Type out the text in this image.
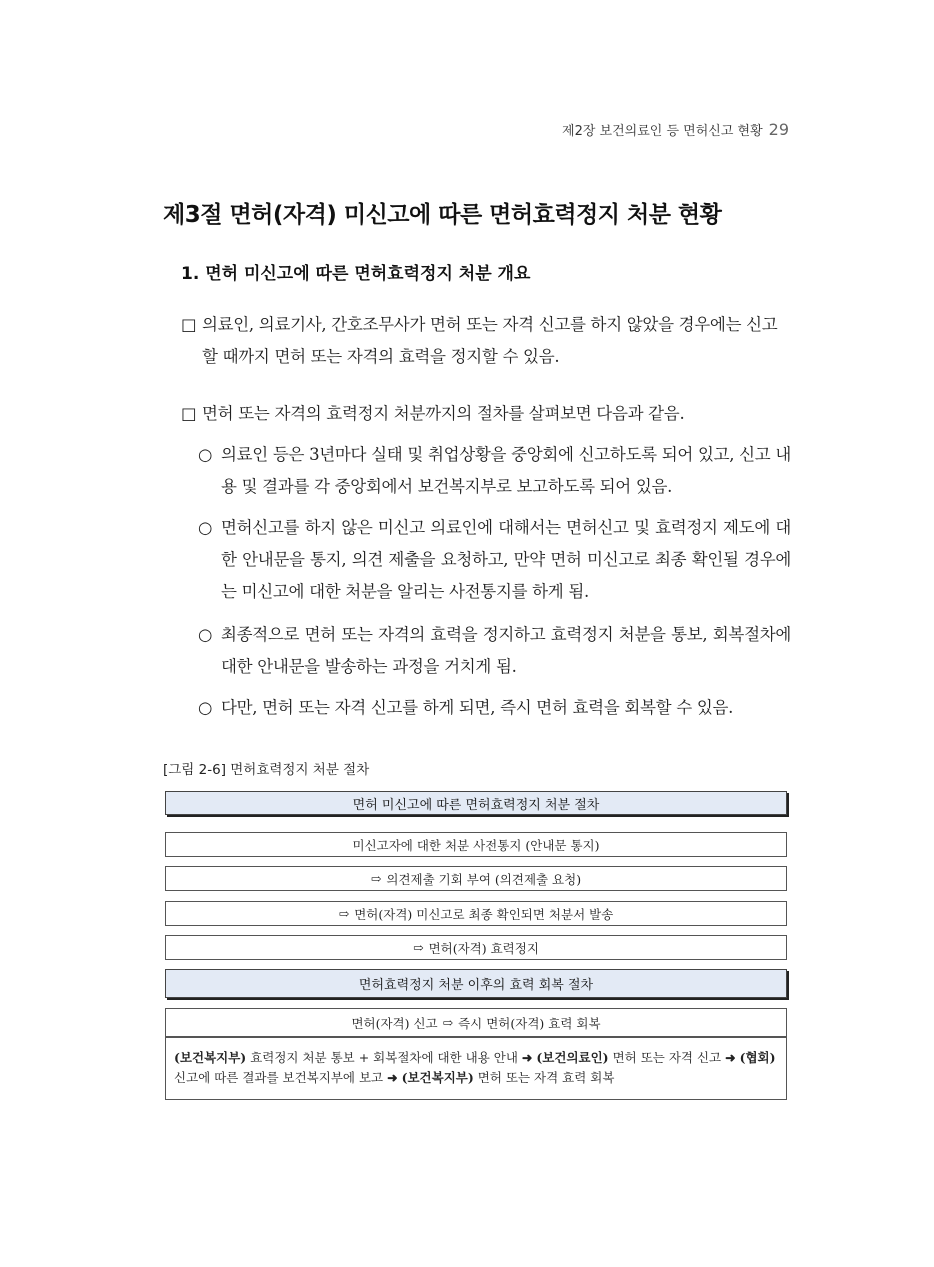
제2장 보건의료인 등 면허신고 현황 29
제3절 면허(자격) 미신고에 따른 면허효력정지 처분 현황
1. 면허 미신고에 따른 면허효력정지 처분 개요
□ 의료인, 의료기사, 간호조무사가 면허 또는 자격 신고를 하지 않았을 경우에는 신고할 때까지 면허 또는 자격의 효력을 정지할 수 있음.
□ 면허 또는 자격의 효력정지 처분까지의 절차를 살펴보면 다음과 같음.
○ 의료인 등은 3년마다 실태 및 취업상황을 중앙회에 신고하도록 되어 있고, 신고 내용 및 결과를 각 중앙회에서 보건복지부로 보고하도록 되어 있음.
○ 면허신고를 하지 않은 미신고 의료인에 대해서는 면허신고 및 효력정지 제도에 대한 안내문을 통지, 의견 제출을 요청하고, 만약 면허 미신고로 최종 확인될 경우에는 미신고에 대한 처분을 알리는 사전통지를 하게 됨.
○ 최종적으로 면허 또는 자격의 효력을 정지하고 효력정지 처분을 통보, 회복절차에 대한 안내문을 발송하는 과정을 거치게 됨.
○ 다만, 면허 또는 자격 신고를 하게 되면, 즉시 면허 효력을 회복할 수 있음.
[그림 2-6] 면허효력정지 처분 절차
면허 미신고에 따른 면허효력정지 처분 절차
미신고자에 대한 처분 사전통지 (안내문 통지)
⇨ 의견제출 기회 부여 (의견제출 요청)
⇨ 면허(자격) 미신고로 최종 확인되면 처분서 발송
⇨ 면허(자격) 효력정지
면허효력정지 처분 이후의 효력 회복 절차
면허(자격) 신고 ⇨ 즉시 면허(자격) 효력 회복
(보건복지부) 효력정지 처분 통보 + 회복절차에 대한 내용 안내 ➜ (보건의료인) 면허 또는 자격 신고 ➜ (협회) 신고에 따른 결과를 보건복지부에 보고 ➜ (보건복지부) 면허 또는 자격 효력 회복
